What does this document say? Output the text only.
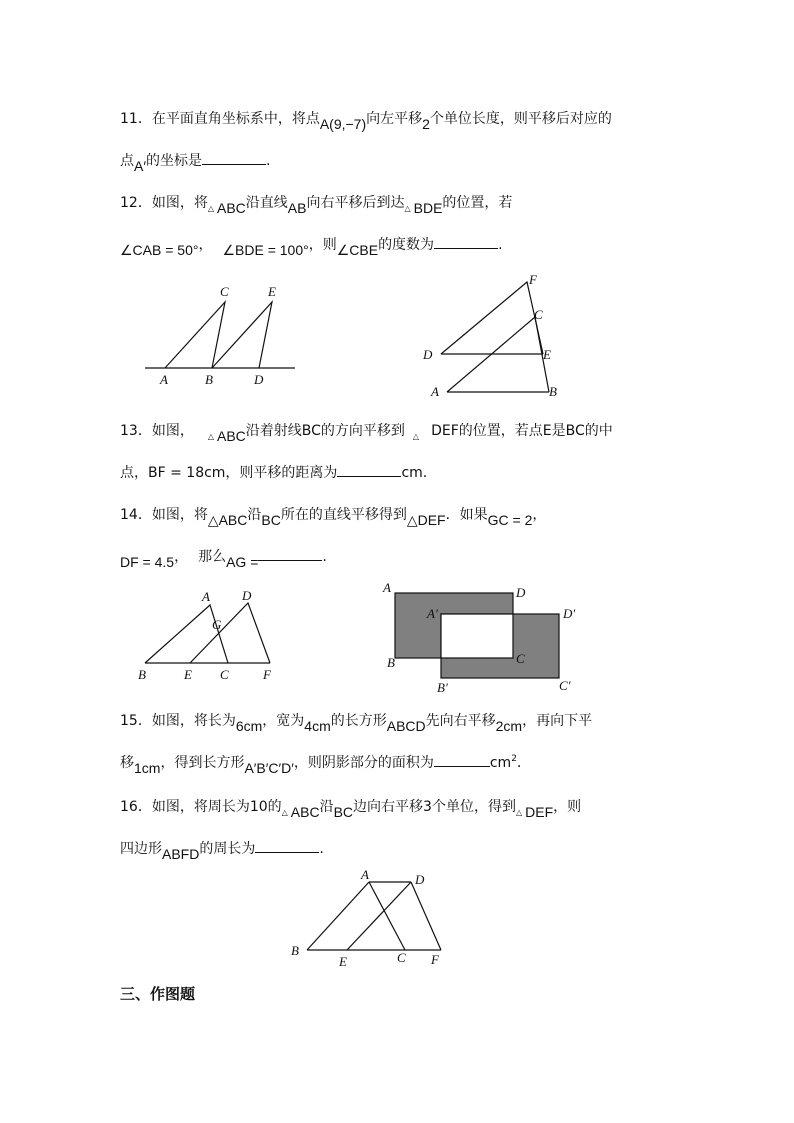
11．在平面直角坐标系中，将点A(9,−7)向左平移2个单位长度，则平移后对应的
点A′的坐标是	.
12．如图，将△ ABC沿直线AB向右平移后到达△ BDE的位置，若
∠CAB = 50°， ∠BDE = 100°，则∠CBE的度数为	.
C	E
A	B	D
F
C
D	E
A	B
13．如图， △ ABC沿着射线BC的方向平移到△ DEF的位置，若点E是BC的中
点，BF = 18cm，则平移的距离为	cm.
14．如图，将△ABC沿BC所在的直线平移得到△DEF．如果GC = 2，
DF = 4.5， 那么AG =	.
A D
G
B	E C	F
A	D
A′	D′
B	C
B′	C′
15．如图，将长为6cm，宽为4cm的长方形ABCD先向右平移2cm，再向下平
移1cm，得到长方形A′B′C′D′，则阴影部分的面积为	cm2．
16．如图，将周长为10的△ ABC沿BC边向右平移3个单位，得到△ DEF，则
四边形ABFD的周长为	.
A	D
B
E	C F
三、作图题
